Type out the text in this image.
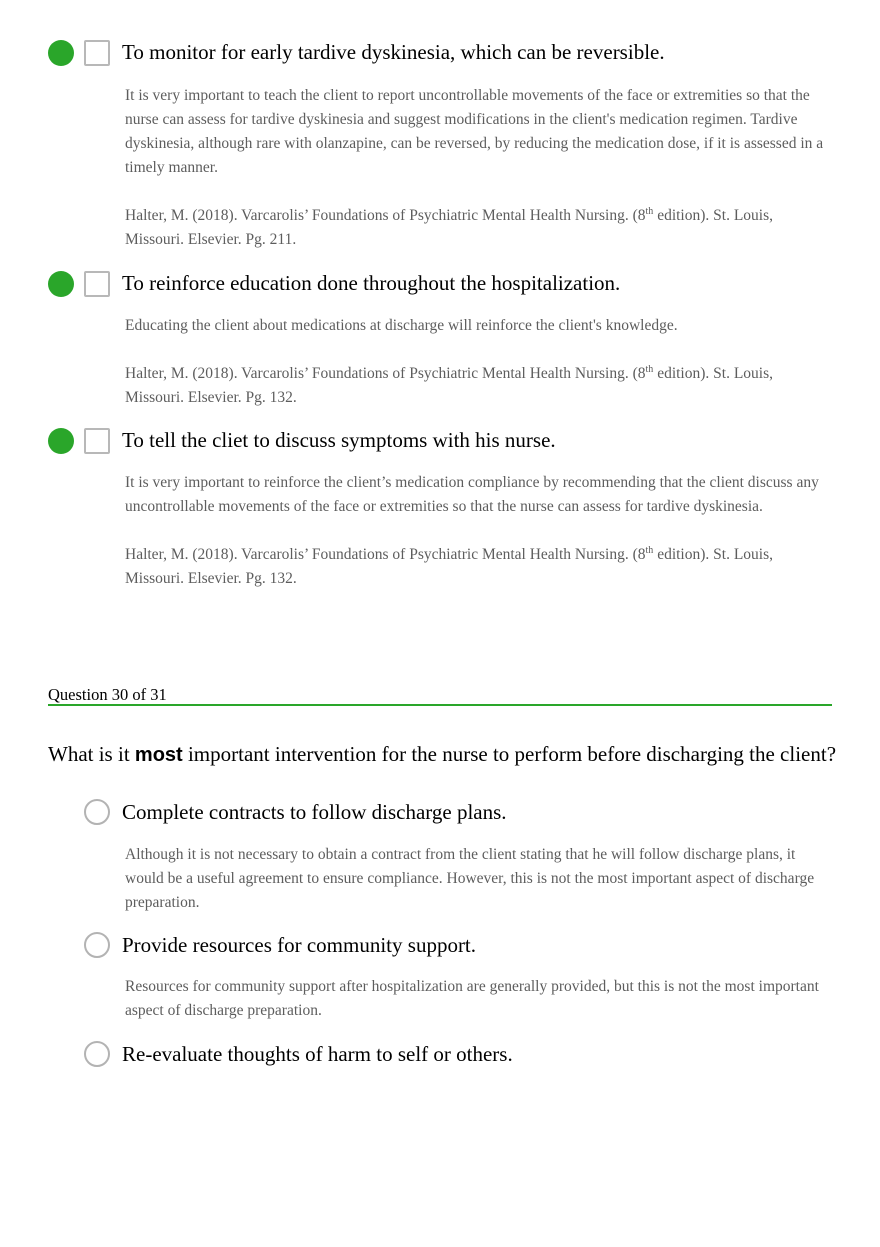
To monitor for early tardive dyskinesia, which can be reversible.

It is very important to teach the client to report uncontrollable movements of the face or extremities so that the nurse can assess for tardive dyskinesia and suggest modifications in the client's medication regimen. Tardive dyskinesia, although rare with olanzapine, can be reversed, by reducing the medication dose, if it is assessed in a timely manner.

Halter, M. (2018). Varcarolis’ Foundations of Psychiatric Mental Health Nursing. (8th edition). St. Louis, Missouri. Elsevier. Pg. 211.

To reinforce education done throughout the hospitalization.

Educating the client about medications at discharge will reinforce the client's knowledge.

Halter, M. (2018). Varcarolis’ Foundations of Psychiatric Mental Health Nursing. (8th edition). St. Louis, Missouri. Elsevier. Pg. 132.

To tell the cliet to discuss symptoms with his nurse.

It is very important to reinforce the client’s medication compliance by recommending that the client discuss any uncontrollable movements of the face or extremities so that the nurse can assess for tardive dyskinesia.

Halter, M. (2018). Varcarolis’ Foundations of Psychiatric Mental Health Nursing. (8th edition). St. Louis, Missouri. Elsevier. Pg. 132.

Question 30 of 31
What is it most important intervention for the nurse to perform before discharging the client?
Complete contracts to follow discharge plans.

Although it is not necessary to obtain a contract from the client stating that he will follow discharge plans, it would be a useful agreement to ensure compliance. However, this is not the most important aspect of discharge preparation.

Provide resources for community support.

Resources for community support after hospitalization are generally provided, but this is not the most important aspect of discharge preparation.

Re-evaluate thoughts of harm to self or others.
